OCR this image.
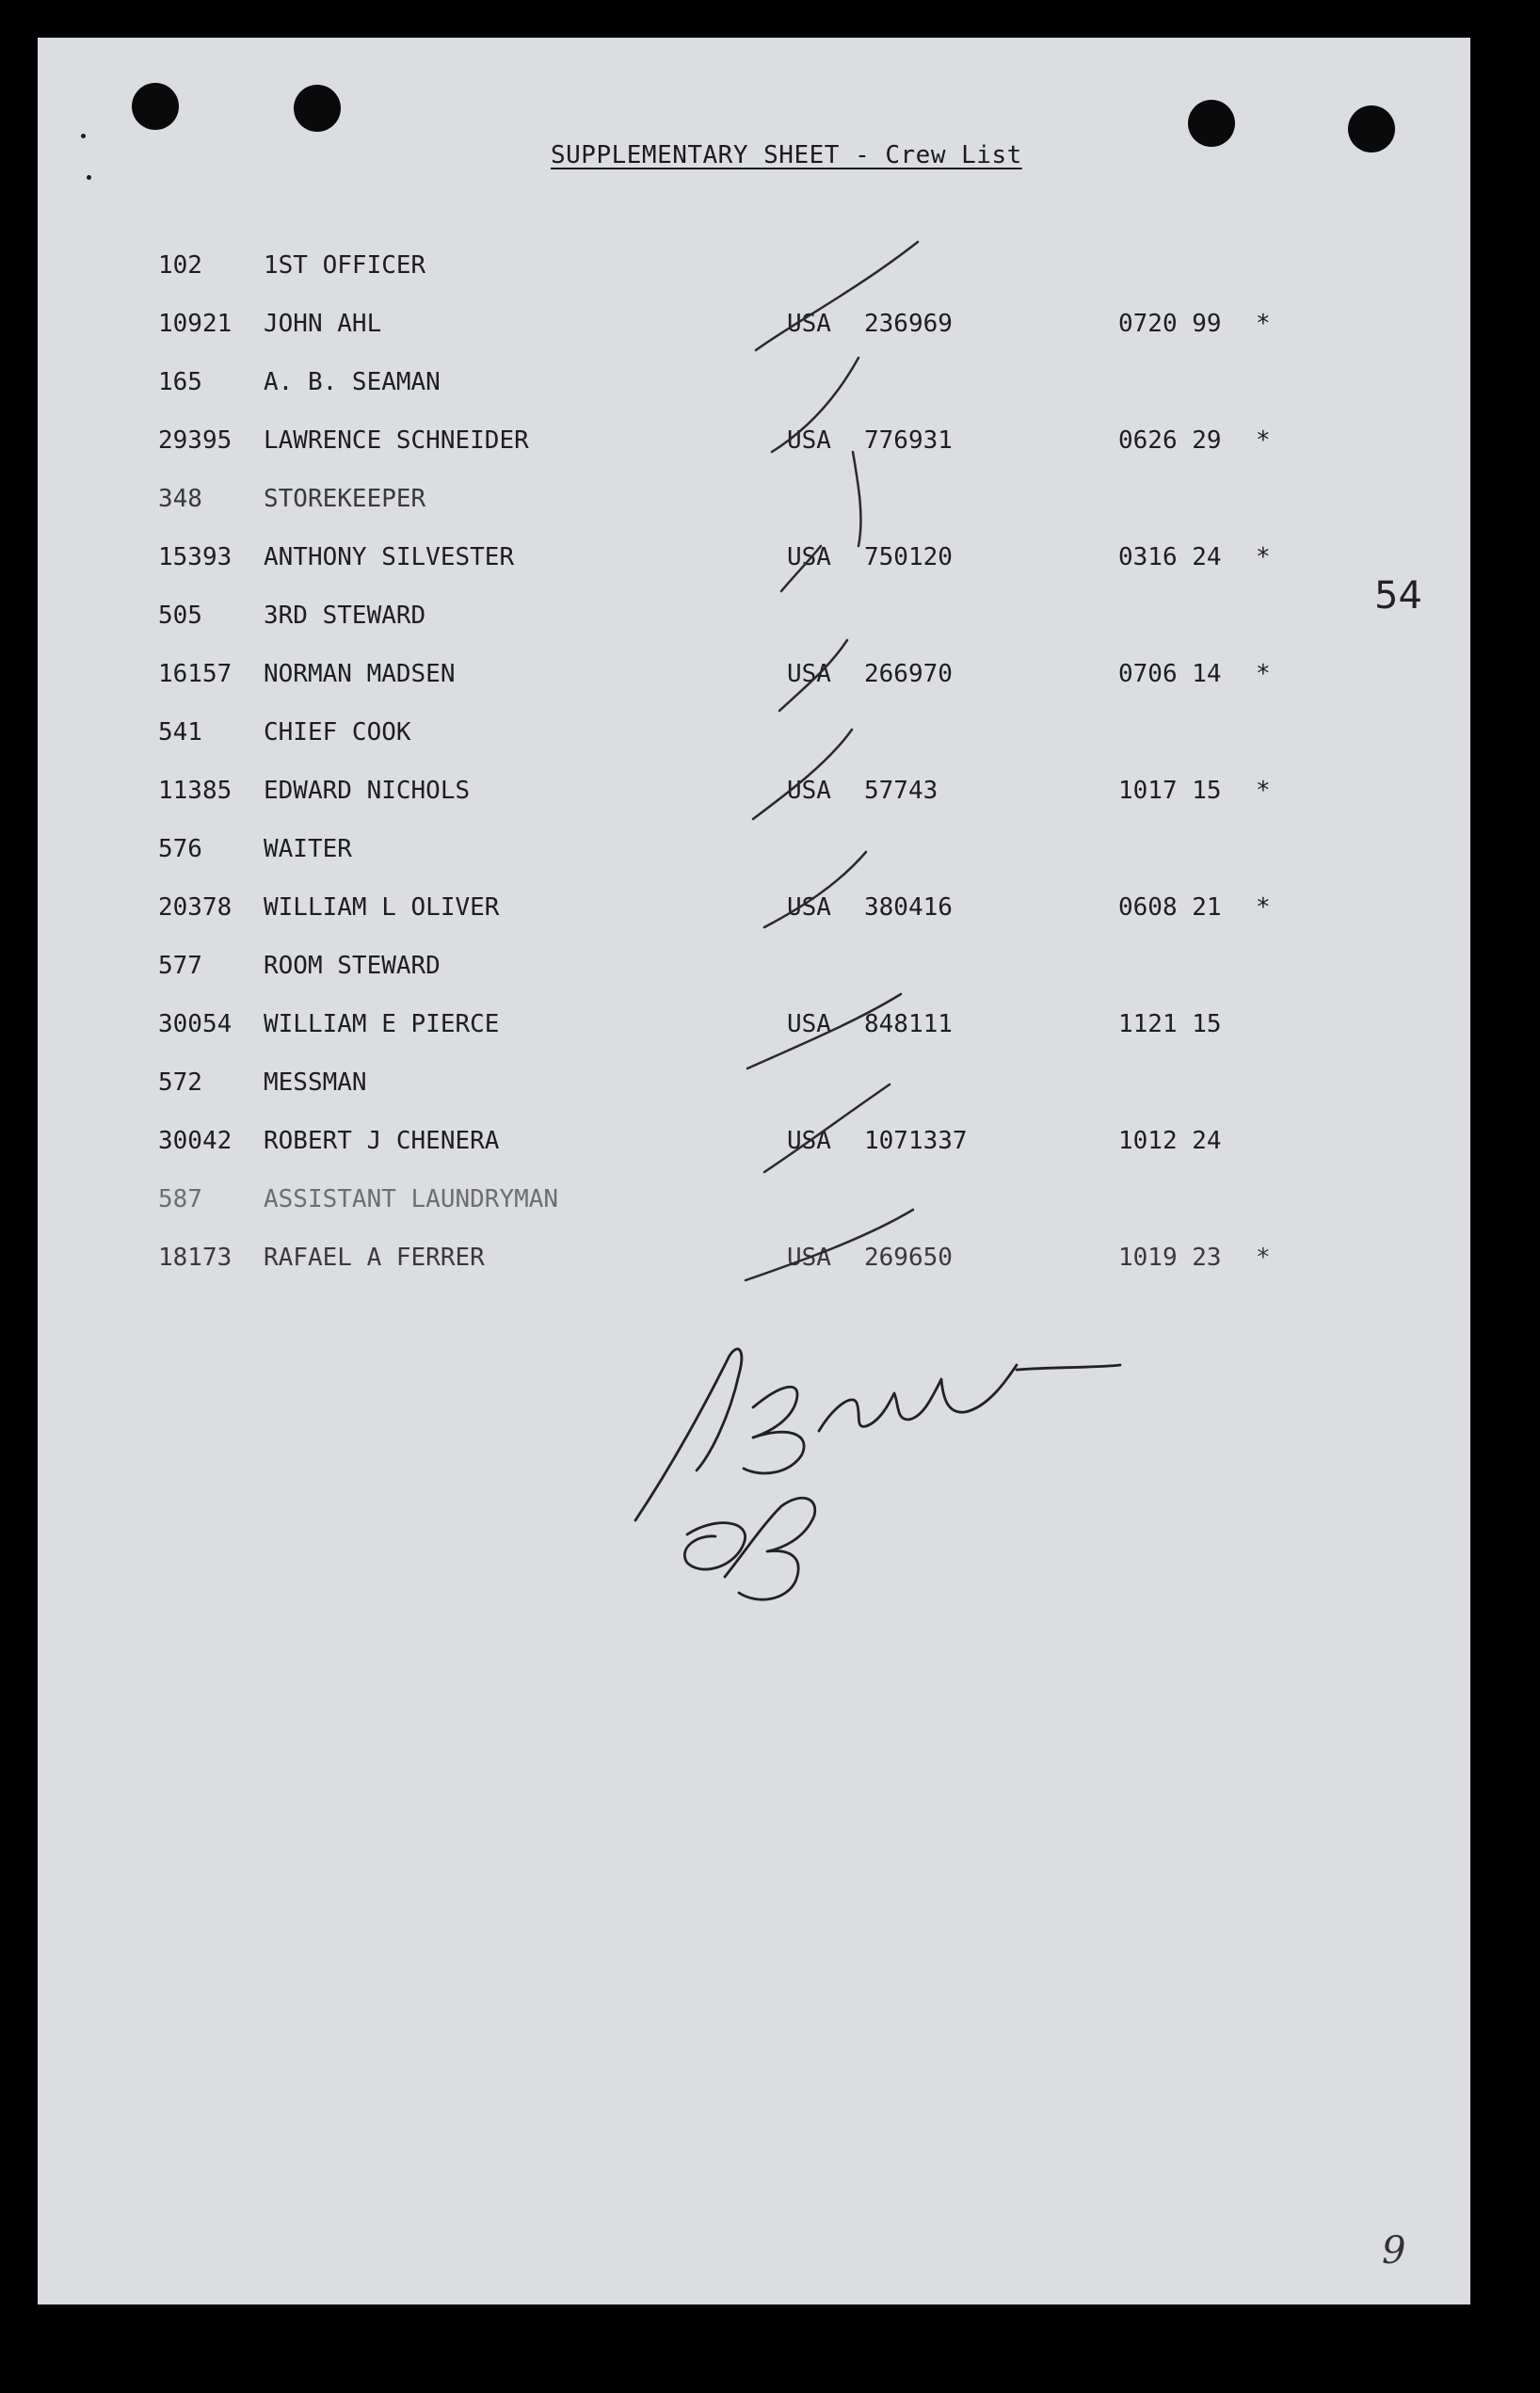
SUPPLEMENTARY SHEET - Crew List
102	1ST OFFICER
10921 JOHN AHL	USA 236969	0720 99 *
165	A. B. SEAMAN
29395 LAWRENCE SCHNEIDER	USA 776931	0626 29 *
348	STOREKEEPER
15393 ANTHONY SILVESTER	USA 750120	0316 24 *
505	3RD STEWARD
16157 NORMAN MADSEN	USA 266970	0706 14 *
541	CHIEF COOK
11385 EDWARD NICHOLS	USA 57743	1017 15 *
576	WAITER
20378 WILLIAM L OLIVER	USA 380416	0608 21 *
577	ROOM STEWARD
30054 WILLIAM E PIERCE	USA 848111	1121 15
572	MESSMAN
30042 ROBERT J CHENERA	USA 1071337	1012 24
587	ASSISTANT LAUNDRYMAN
18173 RAFAEL A FERRER	USA 269650	1019 23 *
54
9
